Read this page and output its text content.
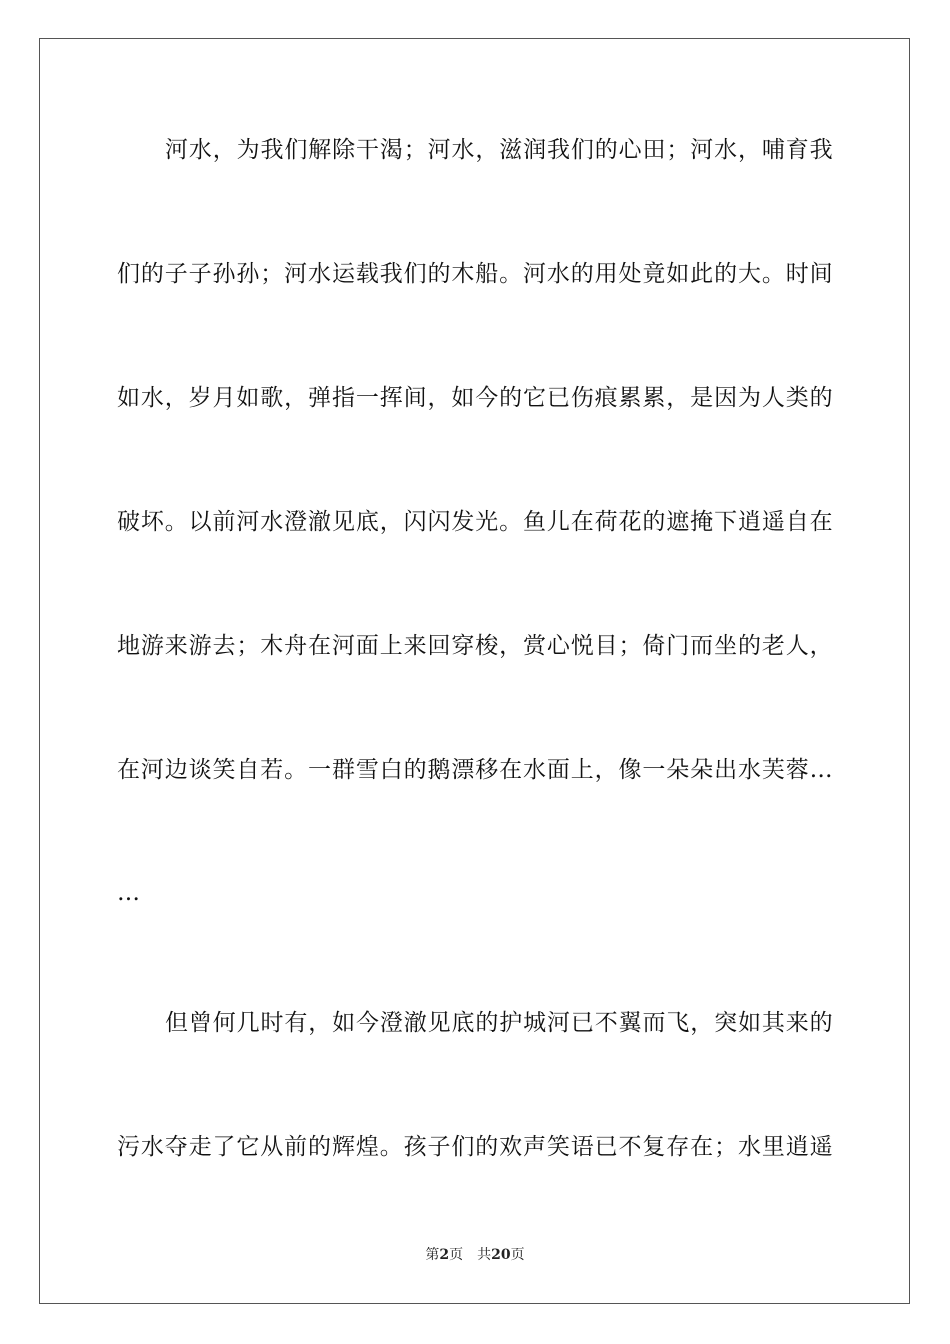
河水，为我们解除干渴；河水，滋润我们的心田；河水，哺育我
们的子子孙孙；河水运载我们的木船。河水的用处竟如此的大。时间
如水，岁月如歌，弹指一挥间，如今的它已伤痕累累，是因为人类的
破坏。以前河水澄澈见底，闪闪发光。鱼儿在荷花的遮掩下逍遥自在
地游来游去；木舟在河面上来回穿梭，赏心悦目；倚门而坐的老人，
在河边谈笑自若。一群雪白的鹅漂移在水面上，像一朵朵出水芙蓉…
…
但曾何几时有，如今澄澈见底的护城河已不翼而飞，突如其来的
污水夺走了它从前的辉煌。孩子们的欢声笑语已不复存在；水里逍遥
第2页 共20页
